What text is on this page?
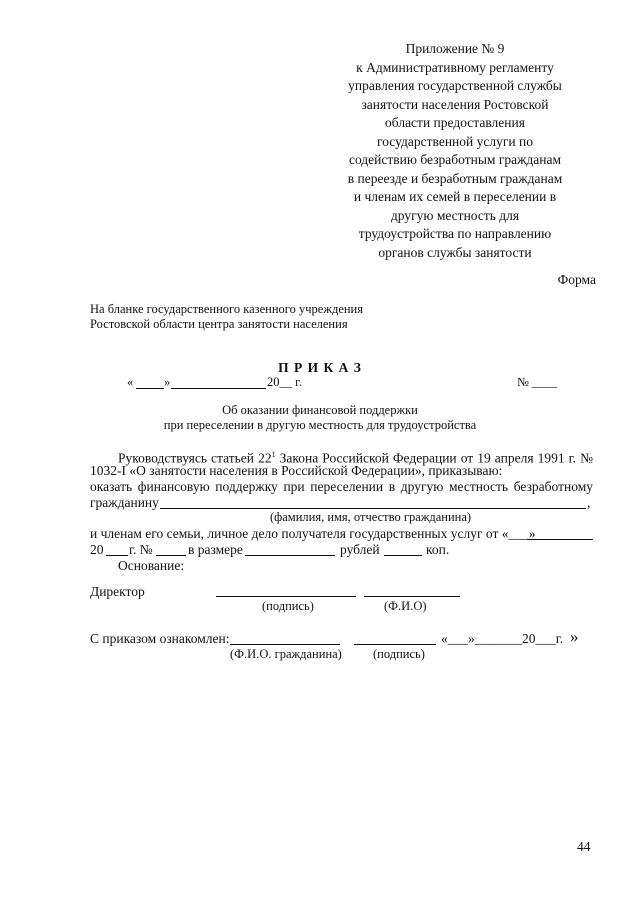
Приложение № 9
к Административному регламенту
управления государственной службы
занятости населения Ростовской
области предоставления
государственной услуги по
содействию безработным гражданам
в переезде и безработным гражданам
и членам их семей в переселении в
другую местность для
трудоустройства по направлению
органов службы занятости
Форма
На бланке государственного казенного учреждения
Ростовской области центра занятости населения
П Р И К А З
« »	20__ г.	№ ____
Об оказании финансовой поддержки
при переселении в другую местность для трудоустройства
Руководствуясь статьей $22^1$ Закона Российской Федерации от 19 апреля 1991 г. №
1032-I «О занятости населения в Российской Федерации», приказываю:
оказать финансовую поддержку при переселении в другую местность безработному
гражданину	,
(фамилия, имя, отчество гражданина)
и членам его семьи, личное дело получателя государственных услуг от «___»
20 г. №	в размере	рублей	коп.
Основание:
Директор
(подпись)	(Ф.И.О)
С приказом ознакомлен:	«___»_______20___г. »
(Ф.И.О. гражданина) (подпись)
44
